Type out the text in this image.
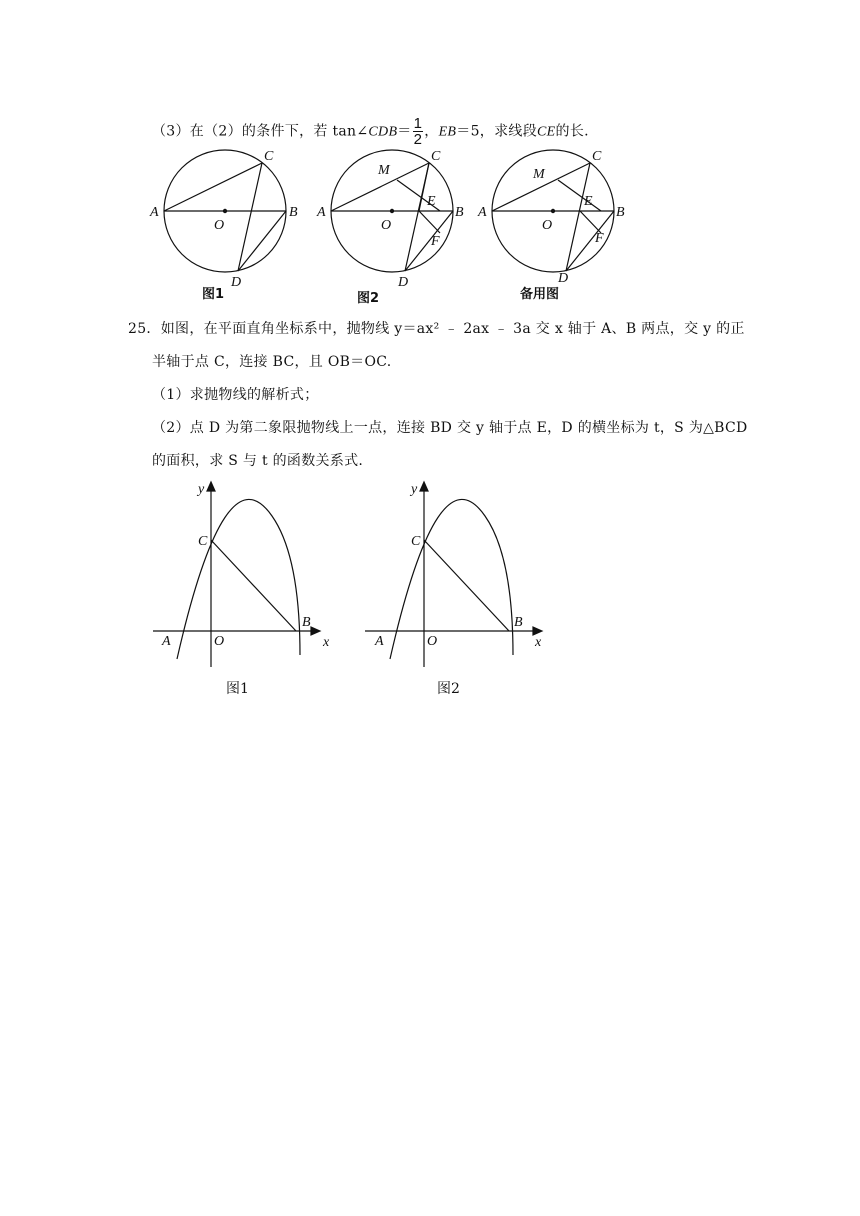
（3）在（2）的条件下，若 tan∠CDB＝ $\frac{1}{2}$ ，EB＝5，求线段CE的长.
A	B
C
D
O
图1
A	B
C
D
O
M
E
F
图2
A	B
C
D
O
M
E
F
备用图
25．如图，在平面直角坐标系中，抛物线 y＝ax² ﹣ 2ax ﹣ 3a 交 x 轴于 A、B 两点，交 y 的正
半轴于点 C，连接 BC，且 OB＝OC.
（1）求抛物线的解析式；
（2）点 D 为第二象限抛物线上一点，连接 BD 交 y 轴于点 E，D 的横坐标为 t，S 为△BCD
的面积，求 S 与 t 的函数关系式.
y
x
C
A	O
B
图1
y
x
C
A	O
B
图2
